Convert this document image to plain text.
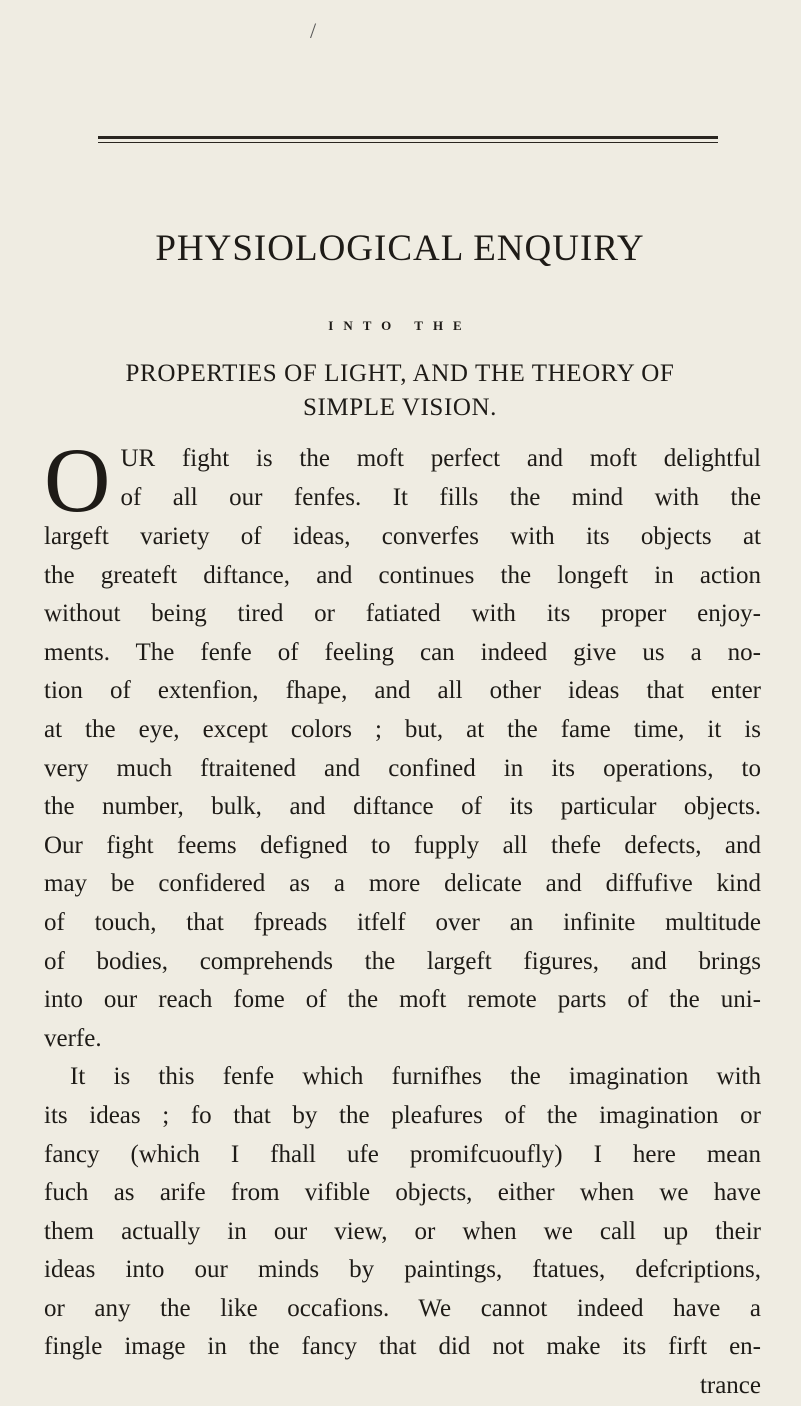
/
PHYSIOLOGICAL ENQUIRY
INTO THE
PROPERTIES OF LIGHT, AND THE THEORY OF
SIMPLE VISION.
O UR fight is the moft perfect and moft delightful
of all our fenfes. It fills the mind with the
largeft variety of ideas, converfes with its objects at
the greateft diftance, and continues the longeft in action
without being tired or fatiated with its proper enjoy-
ments. The fenfe of feeling can indeed give us a no-
tion of extenfion, fhape, and all other ideas that enter
at the eye, except colors ; but, at the fame time, it is
very much ftraitened and confined in its operations, to
the number, bulk, and diftance of its particular objects.
Our fight feems defigned to fupply all thefe defects, and
may be confidered as a more delicate and diffufive kind
of touch, that fpreads itfelf over an infinite multitude
of bodies, comprehends the largeft figures, and brings
into our reach fome of the moft remote parts of the uni-
verfe.
It is this fenfe which furnifhes the imagination with
its ideas ; fo that by the pleafures of the imagination or
fancy (which I fhall ufe promifcuoufly) I here mean
fuch as arife from vifible objects, either when we have
them actually in our view, or when we call up their
ideas into our minds by paintings, ftatues, defcriptions,
or any the like occafions. We cannot indeed have a
fingle image in the fancy that did not make its firft en-
trance
